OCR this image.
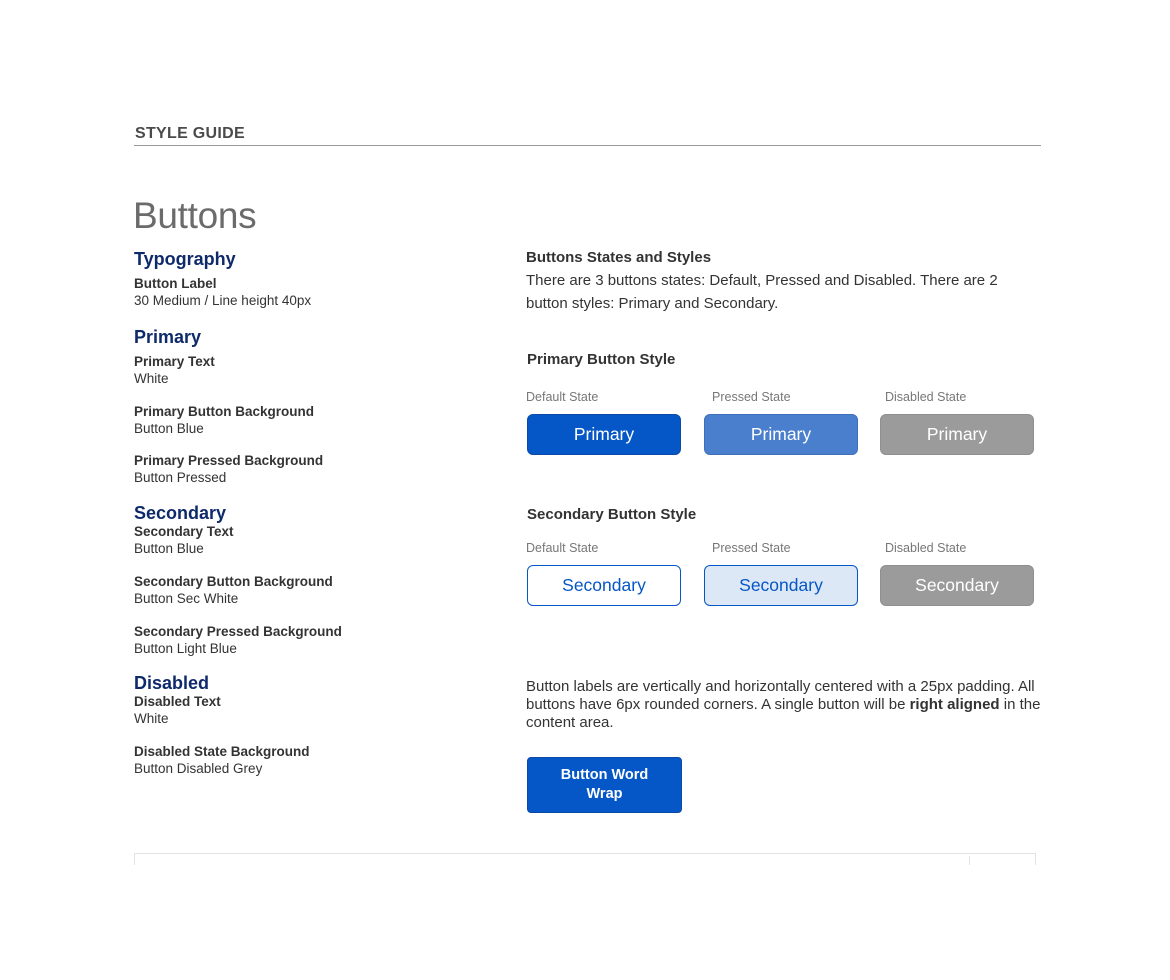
STYLE GUIDE
Buttons
Typography
Button Label
30 Medium / Line height 40px
Primary
Primary Text
White
Primary Button Background
Button Blue
Primary Pressed Background
Button Pressed
Secondary
Secondary Text
Button Blue
Secondary Button Background
Button Sec White
Secondary Pressed Background
Button Light Blue
Disabled
Disabled Text
White
Disabled State Background
Button Disabled Grey
Buttons States and Styles
There are 3 buttons states: Default, Pressed and Disabled. There are 2 button styles: Primary and Secondary.
Primary Button Style
Default State	Pressed State	Disabled State
Primary	Primary	Primary
Secondary Button Style
Default State	Pressed State	Disabled State
Secondary	Secondary	Secondary
Button labels are vertically and horizontally centered with a 25px padding. All buttons have 6px rounded corners. A single button will be right aligned in the content area.
Button Word Wrap
